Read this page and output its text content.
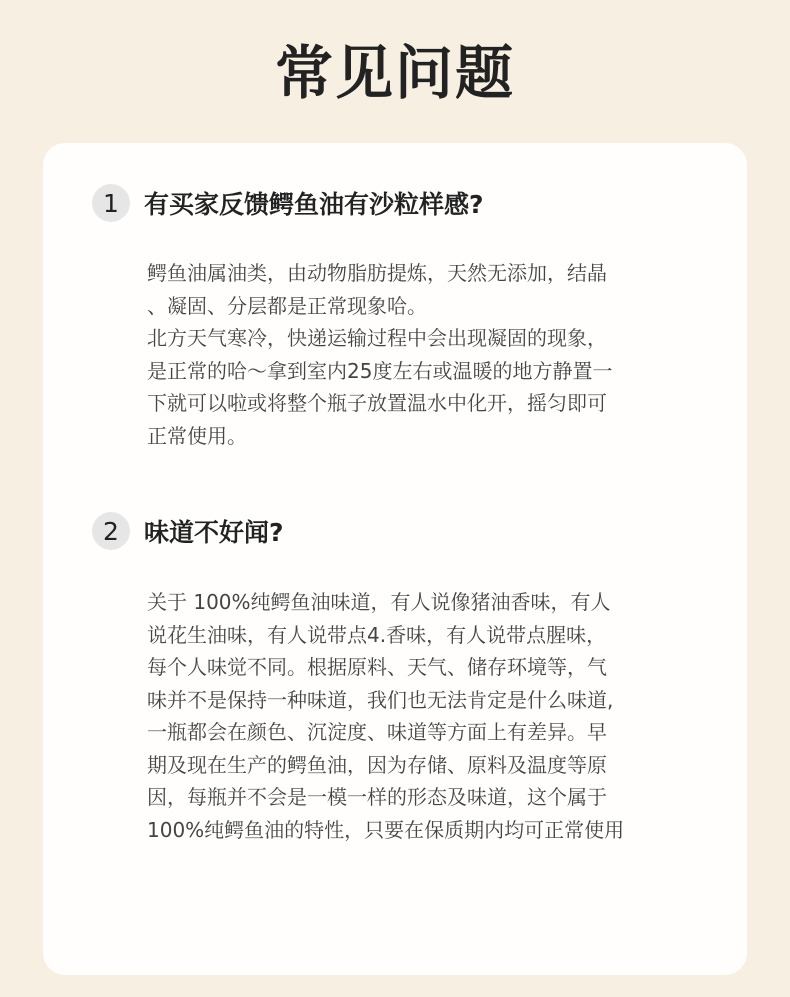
常见问题
1	有买家反馈鳄鱼油有沙粒样感?
鳄鱼油属油类，由动物脂肪提炼，天然无添加，结晶
、凝固、分层都是正常现象哈。
北方天气寒冷，快递运输过程中会出现凝固的现象，
是正常的哈～拿到室内25度左右或温暖的地方静置一
下就可以啦或将整个瓶子放置温水中化开，摇匀即可
正常使用。
2	味道不好闻?
关于 100%纯鳄鱼油味道，有人说像猪油香味，有人
说花生油味，有人说带点4.香味，有人说带点腥味，
每个人味觉不同。根据原料、天气、储存环境等，气
味并不是保持一种味道，我们也无法肯定是什么味道,
一瓶都会在颜色、沉淀度、味道等方面上有差异。早
期及现在生产的鳄鱼油，因为存储、原料及温度等原
因，每瓶并不会是一模一样的形态及味道，这个属于
100%纯鳄鱼油的特性，只要在保质期内均可正常使用
